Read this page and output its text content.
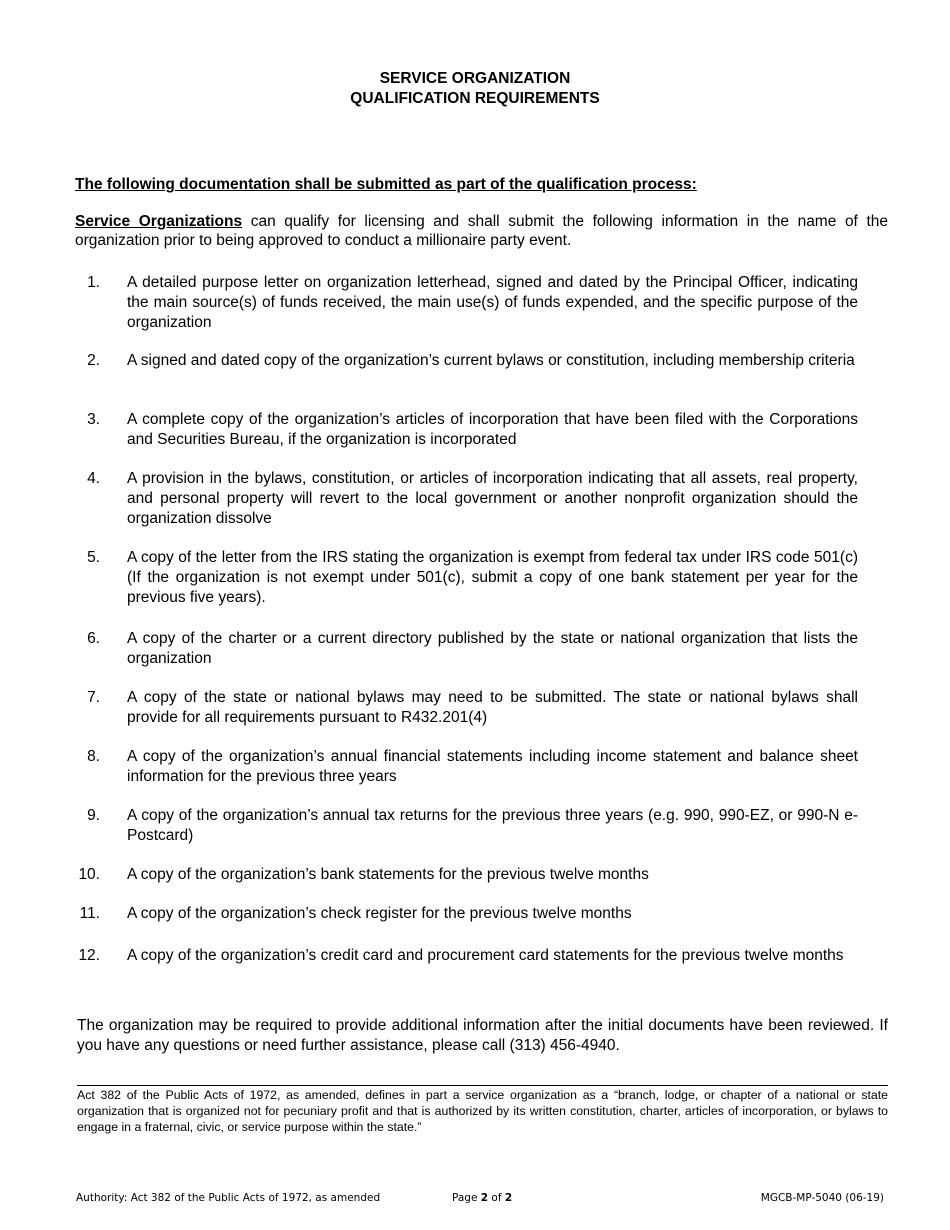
SERVICE ORGANIZATION
QUALIFICATION REQUIREMENTS
The following documentation shall be submitted as part of the qualification process:
Service Organizations can qualify for licensing and shall submit the following information in the name of the organization prior to being approved to conduct a millionaire party event.
1. A detailed purpose letter on organization letterhead, signed and dated by the Principal Officer, indicating the main source(s) of funds received, the main use(s) of funds expended, and the specific purpose of the organization
2. A signed and dated copy of the organization’s current bylaws or constitution, including membership criteria
3. A complete copy of the organization’s articles of incorporation that have been filed with the Corporations and Securities Bureau, if the organization is incorporated
4. A provision in the bylaws, constitution, or articles of incorporation indicating that all assets, real property, and personal property will revert to the local government or another nonprofit organization should the organization dissolve
5. A copy of the letter from the IRS stating the organization is exempt from federal tax under IRS code 501(c) (If the organization is not exempt under 501(c), submit a copy of one bank statement per year for the previous five years).
6. A copy of the charter or a current directory published by the state or national organization that lists the organization
7. A copy of the state or national bylaws may need to be submitted. The state or national bylaws shall provide for all requirements pursuant to R432.201(4)
8. A copy of the organization’s annual financial statements including income statement and balance sheet information for the previous three years
9. A copy of the organization’s annual tax returns for the previous three years (e.g. 990, 990-EZ, or 990-N e-Postcard)
10. A copy of the organization’s bank statements for the previous twelve months
11. A copy of the organization’s check register for the previous twelve months
12. A copy of the organization’s credit card and procurement card statements for the previous twelve months
The organization may be required to provide additional information after the initial documents have been reviewed. If you have any questions or need further assistance, please call (313) 456-4940.
Act 382 of the Public Acts of 1972, as amended, defines in part a service organization as a “branch, lodge, or chapter of a national or state organization that is organized not for pecuniary profit and that is authorized by its written constitution, charter, articles of incorporation, or bylaws to engage in a fraternal, civic, or service purpose within the state.”
Authority: Act 382 of the Public Acts of 1972, as amended	Page 2 of 2	MGCB-MP-5040 (06-19)
